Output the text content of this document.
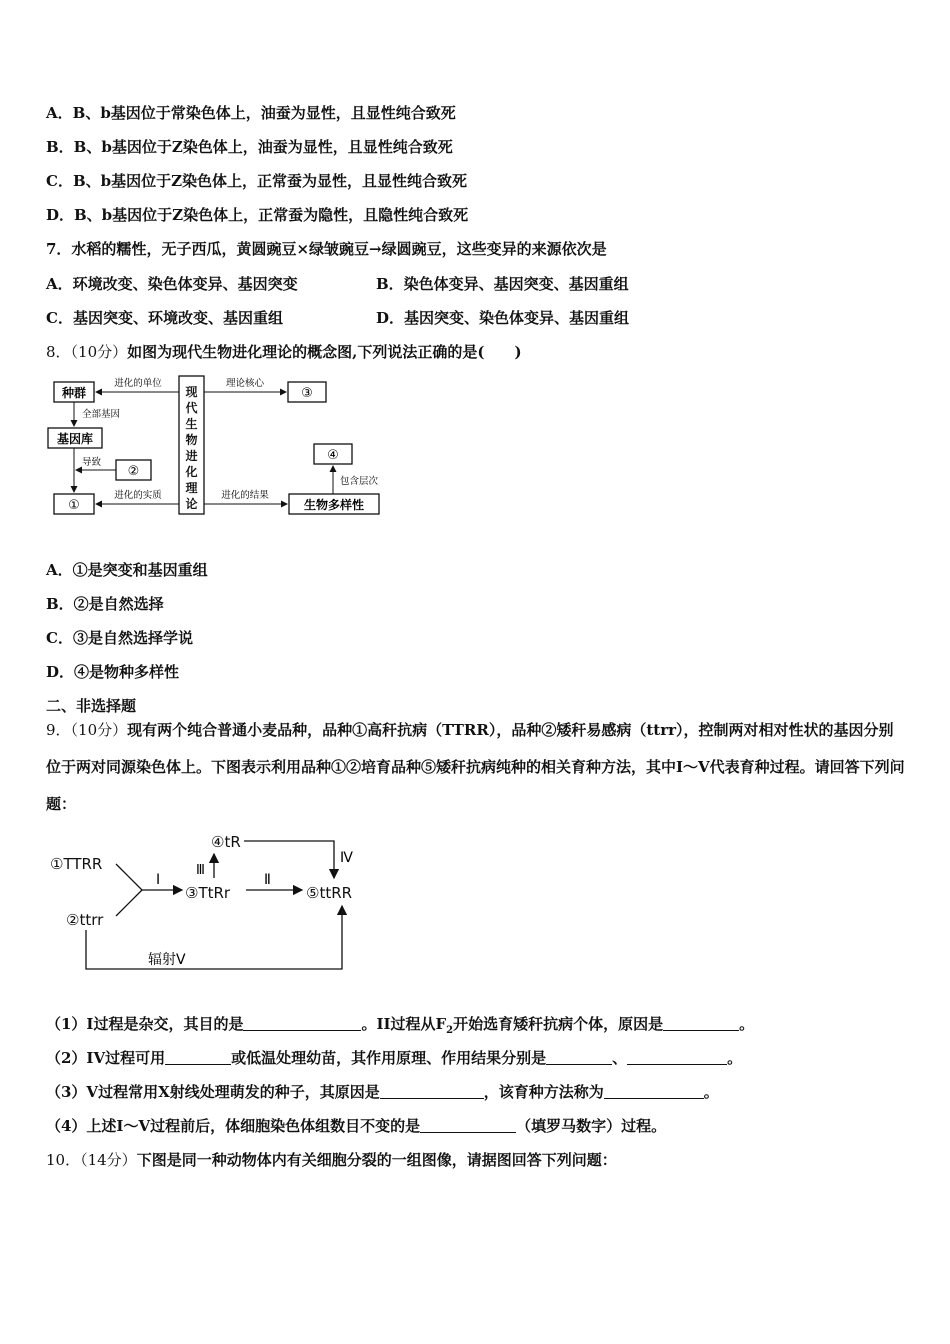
A．B、b基因位于常染色体上，油蚕为显性，且显性纯合致死
B．B、b基因位于Z染色体上，油蚕为显性，且显性纯合致死
C．B、b基因位于Z染色体上，正常蚕为显性，且显性纯合致死
D．B、b基因位于Z染色体上，正常蚕为隐性，且隐性纯合致死
7．水稻的糯性，无子西瓜，黄圆豌豆×绿皱豌豆→绿圆豌豆，这些变异的来源依次是
A．环境改变、染色体变异、基因突变	B．染色体变异、基因突变、基因重组
C．基因突变、环境改变、基因重组	D．基因突变、染色体变异、基因重组
8．（10分）如图为现代生物进化理论的概念图,下列说法正确的是(　　)
现
代
生
物
进
化
理
论
种群
基因库
②
①
③
④
生物多样性
进化的单位
全部基因
导致
进化的实质
理论核心
进化的结果
包含层次
A．①是突变和基因重组
B．②是自然选择
C．③是自然选择学说
D．④是物种多样性
二、非选择题
9．（10分）现有两个纯合普通小麦品种，品种①高秆抗病（TTRR），品种②矮秆易感病（ttrr），控制两对相对性状的基因分别位于两对同源染色体上。下图表示利用品种①②培育品种⑤矮秆抗病纯种的相关育种方法，其中Ⅰ～Ⅴ代表育种过程。请回答下列问题：
①TTRR
②ttrr
③TtRr
④tR
⑤ttRR
I
Ⅲ
Ⅱ
Ⅳ
辐射Ⅴ
（1）I过程是杂交，其目的是	。II过程从$F_2$开始选育矮秆抗病个体，原因是	。
（2）IV过程可用	或低温处理幼苗，其作用原理、作用结果分别是	、	。
（3）V过程常用X射线处理萌发的种子，其原因是	，该育种方法称为	。
（4）上述I～V过程前后，体细胞染色体组数目不变的是	（填罗马数字）过程。
10．（14分）下图是同一种动物体内有关细胞分裂的一组图像，请据图回答下列问题：
